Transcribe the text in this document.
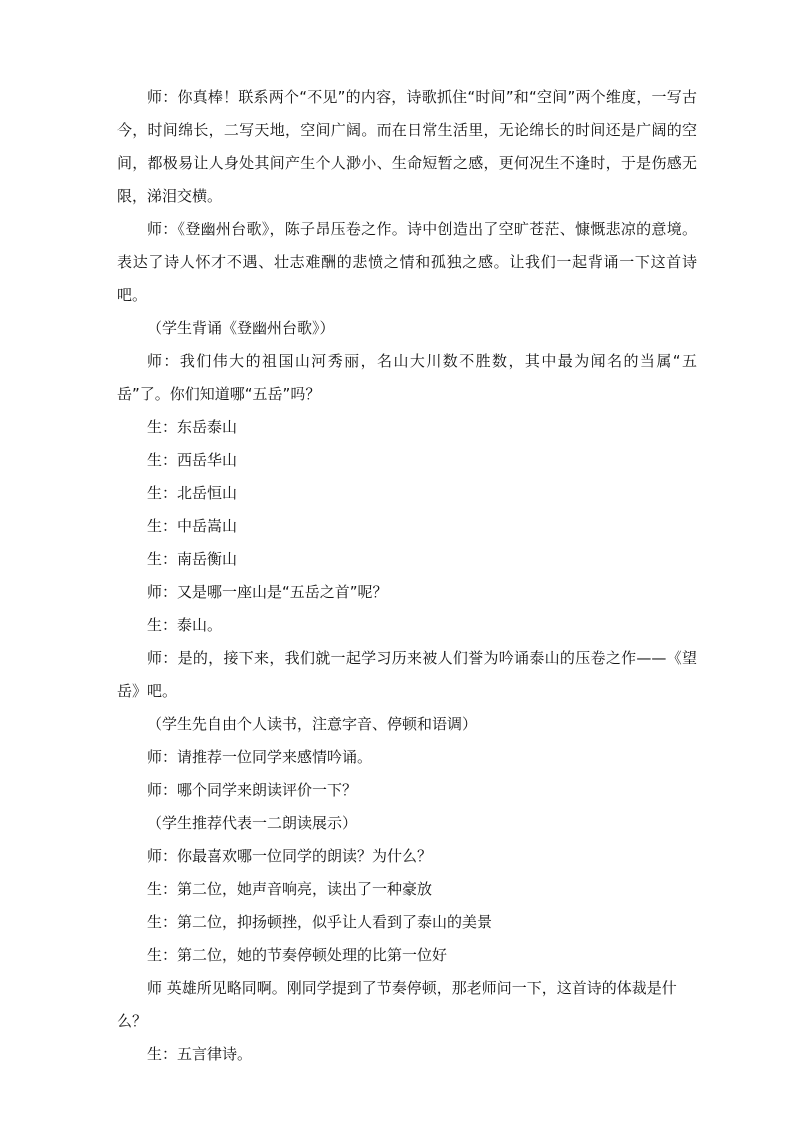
师：你真棒！联系两个“不见”的内容，诗歌抓住“时间”和“空间”两个维度，一写古今，时间绵长，二写天地，空间广阔。而在日常生活里，无论绵长的时间还是广阔的空间，都极易让人身处其间产生个人渺小、生命短暂之感，更何况生不逢时，于是伤感无限，涕泪交横。

师：《登幽州台歌》，陈子昂压卷之作。诗中创造出了空旷苍茫、慷慨悲凉的意境。表达了诗人怀才不遇、壮志难酬的悲愤之情和孤独之感。让我们一起背诵一下这首诗吧。

（学生背诵《登幽州台歌》）

师：我们伟大的祖国山河秀丽，名山大川数不胜数，其中最为闻名的当属“五岳”了。你们知道哪“五岳”吗？

生：东岳泰山

生：西岳华山

生：北岳恒山

生：中岳嵩山

生：南岳衡山

师：又是哪一座山是“五岳之首”呢？

生：泰山。

师：是的，接下来，我们就一起学习历来被人们誉为吟诵泰山的压卷之作——《望岳》吧。

（学生先自由个人读书，注意字音、停顿和语调）

师：请推荐一位同学来感情吟诵。

师：哪个同学来朗读评价一下？

（学生推荐代表一二朗读展示）

师：你最喜欢哪一位同学的朗读？为什么？

生：第二位，她声音响亮，读出了一种豪放

生：第二位，抑扬顿挫，似乎让人看到了泰山的美景

生：第二位，她的节奏停顿处理的比第一位好

师 英雄所见略同啊。刚同学提到了节奏停顿，那老师问一下，这首诗的体裁是什么？

生：五言律诗。
